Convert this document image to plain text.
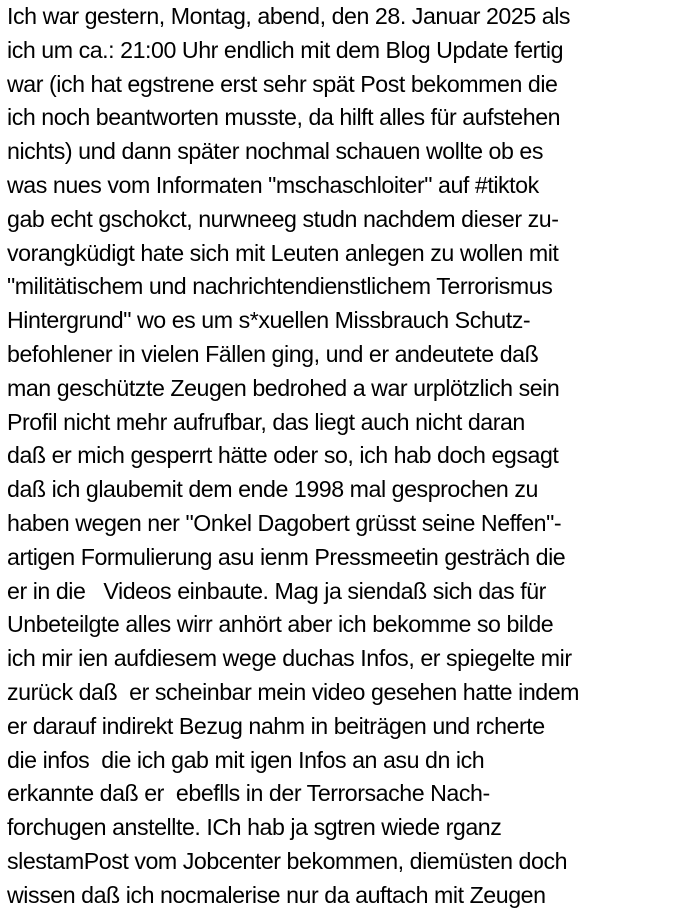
Ich war gestern, Montag, abend, den 28. Januar 2025 als
ich um ca.: 21:00 Uhr endlich mit dem Blog Update fertig
war (ich hat egstrene erst sehr spät Post bekommen die
ich noch beantworten musste, da hilft alles für aufstehen
nichts) und dann später nochmal schauen wollte ob es
was nues vom Informaten "mschaschloiter" auf #tiktok
gab echt gschokct, nurwneeg studn nachdem dieser zu-
vorangküdigt hate sich mit Leuten anlegen zu wollen mit
"militätischem und nachrichtendienstlichem Terrorismus
Hintergrund" wo es um s*xuellen Missbrauch Schutz-
befohlener in vielen Fällen ging, und er andeutete daß
man geschützte Zeugen bedrohed a war urplötzlich sein
Profil nicht mehr aufrufbar, das liegt auch nicht daran
daß er mich gesperrt hätte oder so, ich hab doch egsagt
daß ich glaubemit dem ende 1998 mal gesprochen zu
haben wegen ner "Onkel Dagobert grüsst seine Neffen"-
artigen Formulierung asu ienm Pressmeetin gesträch die
er in die   Videos einbaute. Mag ja siendaß sich das für
Unbeteilgte alles wirr anhört aber ich bekomme so bilde
ich mir ien aufdiesem wege duchas Infos, er spiegelte mir
zurück daß  er scheinbar mein video gesehen hatte indem
er darauf indirekt Bezug nahm in beiträgen und rcherte
die infos  die ich gab mit igen Infos an asu dn ich
erkannte daß er  ebeflls in der Terrorsache Nach-
forchugen anstellte. ICh hab ja sgtren wiede rganz
slestamPost vom Jobcenter bekommen, diemüsten doch
wissen daß ich nocmalerise nur da auftach mit Zeugen
